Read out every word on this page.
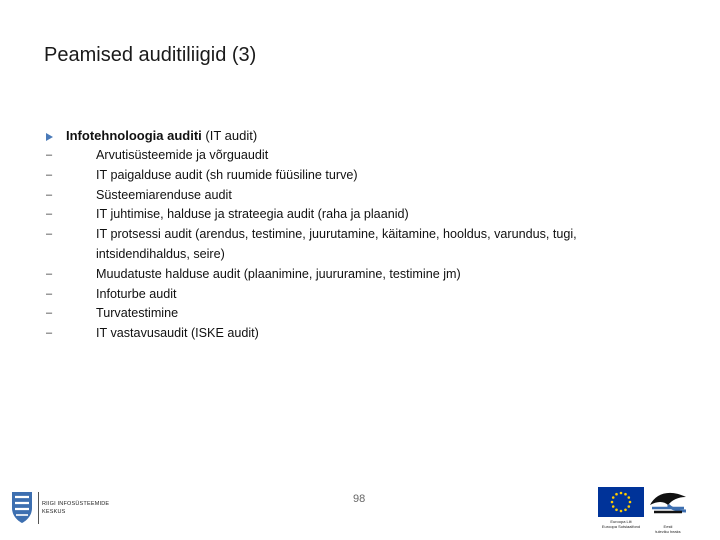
Peamised auditiliigid (3)
Infotehnoloogia auditi (IT audit)
–	Arvutisüsteemide ja võrguaudit
–	IT paigalduse audit (sh ruumide füüsiline turve)
–	Süsteemiarenduse audit
–	IT juhtimise, halduse ja strateegia audit (raha ja plaanid)
–	IT protsessi audit (arendus, testimine, juurutamine, käitamine, hooldus, varundus, tugi, intsidendihaldus, seire)
–	Muudatuste halduse audit (plaanimine, juururamine, testimine jm)
–	Infoturbe audit
–	Turvatestimine
–	IT vastavusaudit (ISKE audit)
98
RIIGI INFOSÜSTEEMIDE
KESKUS
Euroopa Liit
Euroopa Sotsiaalfond	Eesti
tuleviku heaks
